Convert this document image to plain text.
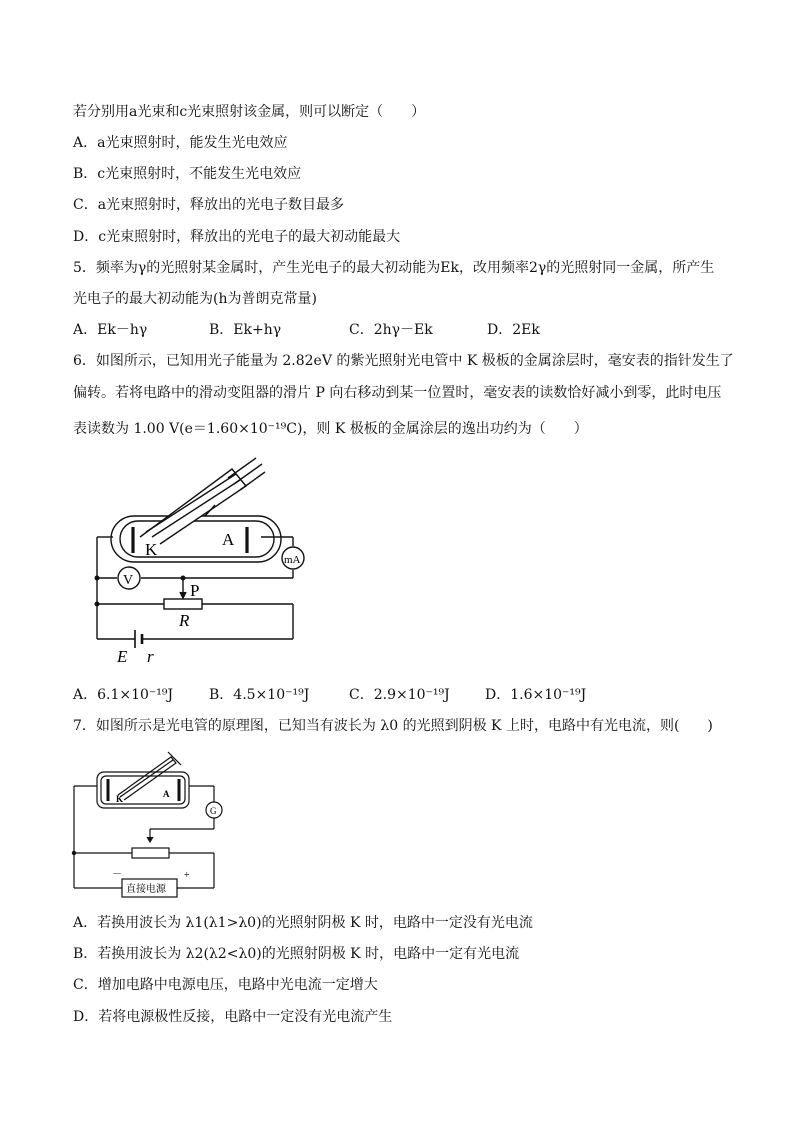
若分别用a光束和c光束照射该金属，则可以断定（　　）
A．a光束照射时，能发生光电效应
B．c光束照射时，不能发生光电效应
C．a光束照射时，释放出的光电子数目最多
D．c光束照射时，释放出的光电子的最大初动能最大
5．频率为γ的光照射某金属时，产生光电子的最大初动能为Ek，改用频率2γ的光照射同一金属，所产生
光电子的最大初动能为(h为普朗克常量)
A．Ek－hγ	B．Ek+hγ	C．2hγ－Ek	D．2Ek
6．如图所示，已知用光子能量为 2.82eV 的紫光照射光电管中 K 极板的金属涂层时，毫安表的指针发生了
偏转。若将电路中的滑动变阻器的滑片 P 向右移动到某一位置时，毫安表的读数恰好减小到零，此时电压
表读数为 1.00 V(e＝1.60×10⁻¹⁹C)，则 K 极板的金属涂层的逸出功约为（　　）
K
A
mA
V
P
R
E r
A．6.1×10⁻¹⁹J	B．4.5×10⁻¹⁹J	C．2.9×10⁻¹⁹J	D．1.6×10⁻¹⁹J
7．如图所示是光电管的原理图，已知当有波长为 λ0 的光照到阴极 K 上时，电路中有光电流，则(　　)
K	A
G
－	+
直接电源
A．若换用波长为 λ1(λ1>λ0)的光照射阴极 K 时，电路中一定没有光电流
B．若换用波长为 λ2(λ2<λ0)的光照射阴极 K 时，电路中一定有光电流
C．增加电路中电源电压，电路中光电流一定增大
D．若将电源极性反接，电路中一定没有光电流产生
